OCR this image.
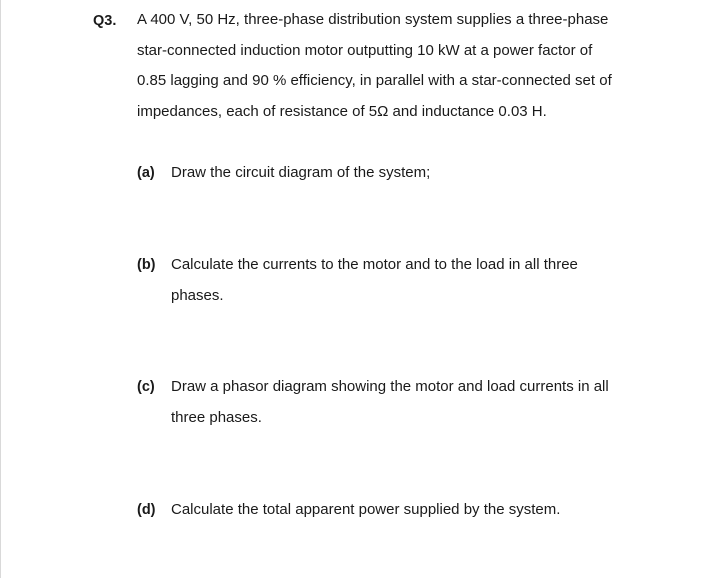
Q3. A 400 V, 50 Hz, three-phase distribution system supplies a three-phase
star-connected induction motor outputting 10 kW at a power factor of
0.85 lagging and 90 % efficiency, in parallel with a star-connected set of
impedances, each of resistance of 5Ω and inductance 0.03 H.
(a) Draw the circuit diagram of the system;
(b) Calculate the currents to the motor and to the load in all three
phases.
(c) Draw a phasor diagram showing the motor and load currents in all
three phases.
(d) Calculate the total apparent power supplied by the system.
